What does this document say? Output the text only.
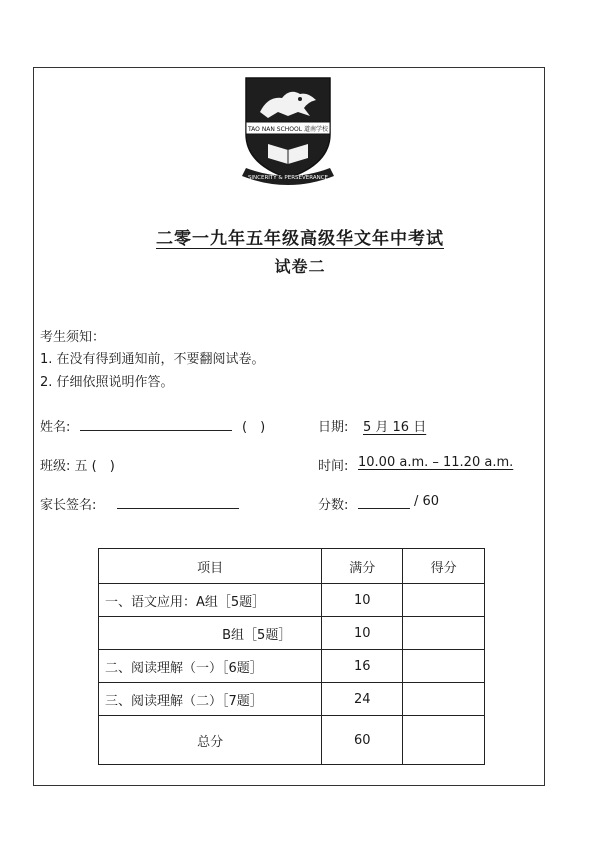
TAO NAN SCHOOL 道南学校
SINCERITY & PERSEVERANCE
二零一九年五年级高级华文年中考试
试卷二
考生须知：
1. 在没有得到通知前，不要翻阅试卷。
2. 仔细依照说明作答。
姓名:	(　)	日期: 5 月 16 日
班级: 五 (　)	时间: 10.00 a.m. – 11.20 a.m.
家长签名:	分数:	/ 60
项目	满分	得分
一、语文应用：A组［5题］	10	
B组［5题］	10	
二、阅读理解（一）［6题］	16	
三、阅读理解（二）［7题］	24	
总分	60	
